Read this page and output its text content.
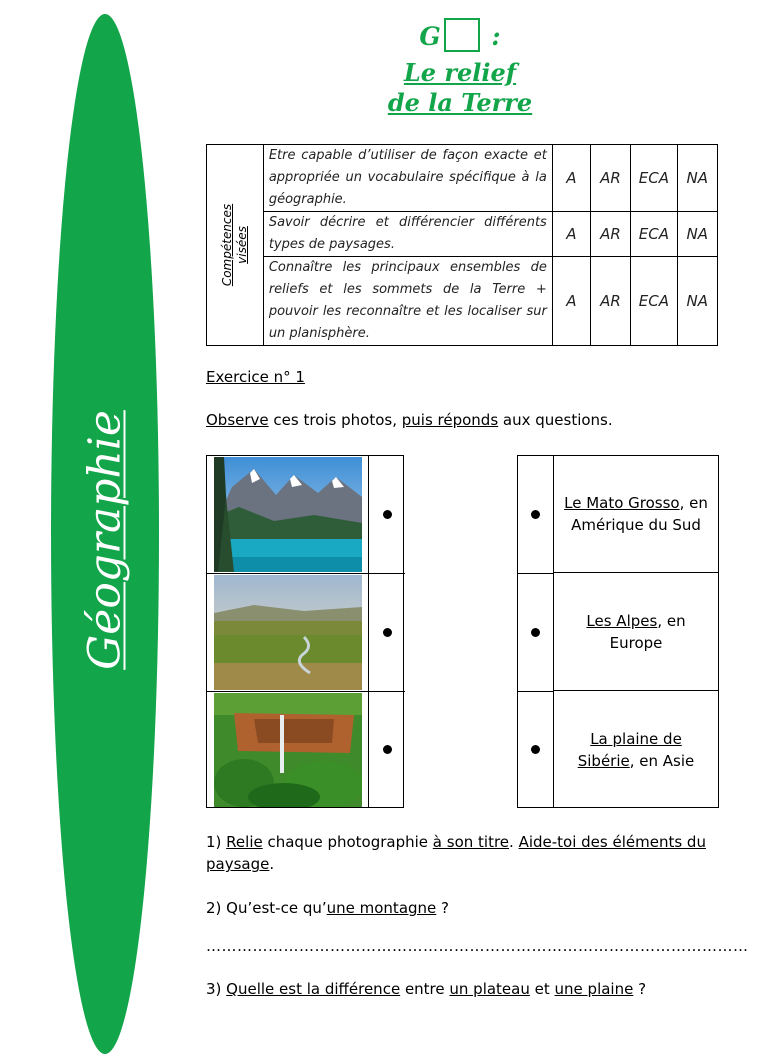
Géographie
G :
Le relief
de la Terre
Compétences
visées	Etre capable d’utiliser de façon exacte et appropriée un vocabulaire spécifique à la géographie.	A	AR	ECA	NA
	Savoir décrire et différencier différents types de paysages.	A	AR	ECA	NA
	Connaître les principaux ensembles de reliefs et les sommets de la Terre + pouvoir les reconnaître et les localiser sur un planisphère.	A	AR	ECA	NA
Exercice n° 1
Observe ces trois photos, puis réponds aux questions.
Le Mato Grosso, en Amérique du Sud
Les Alpes, en Europe
La plaine de Sibérie, en Asie
1) Relie chaque photographie à son titre. Aide-toi des éléments du paysage.
2) Qu’est-ce qu’une montagne ?
……………………………………………………………………………………………
3) Quelle est la différence entre un plateau et une plaine ?
